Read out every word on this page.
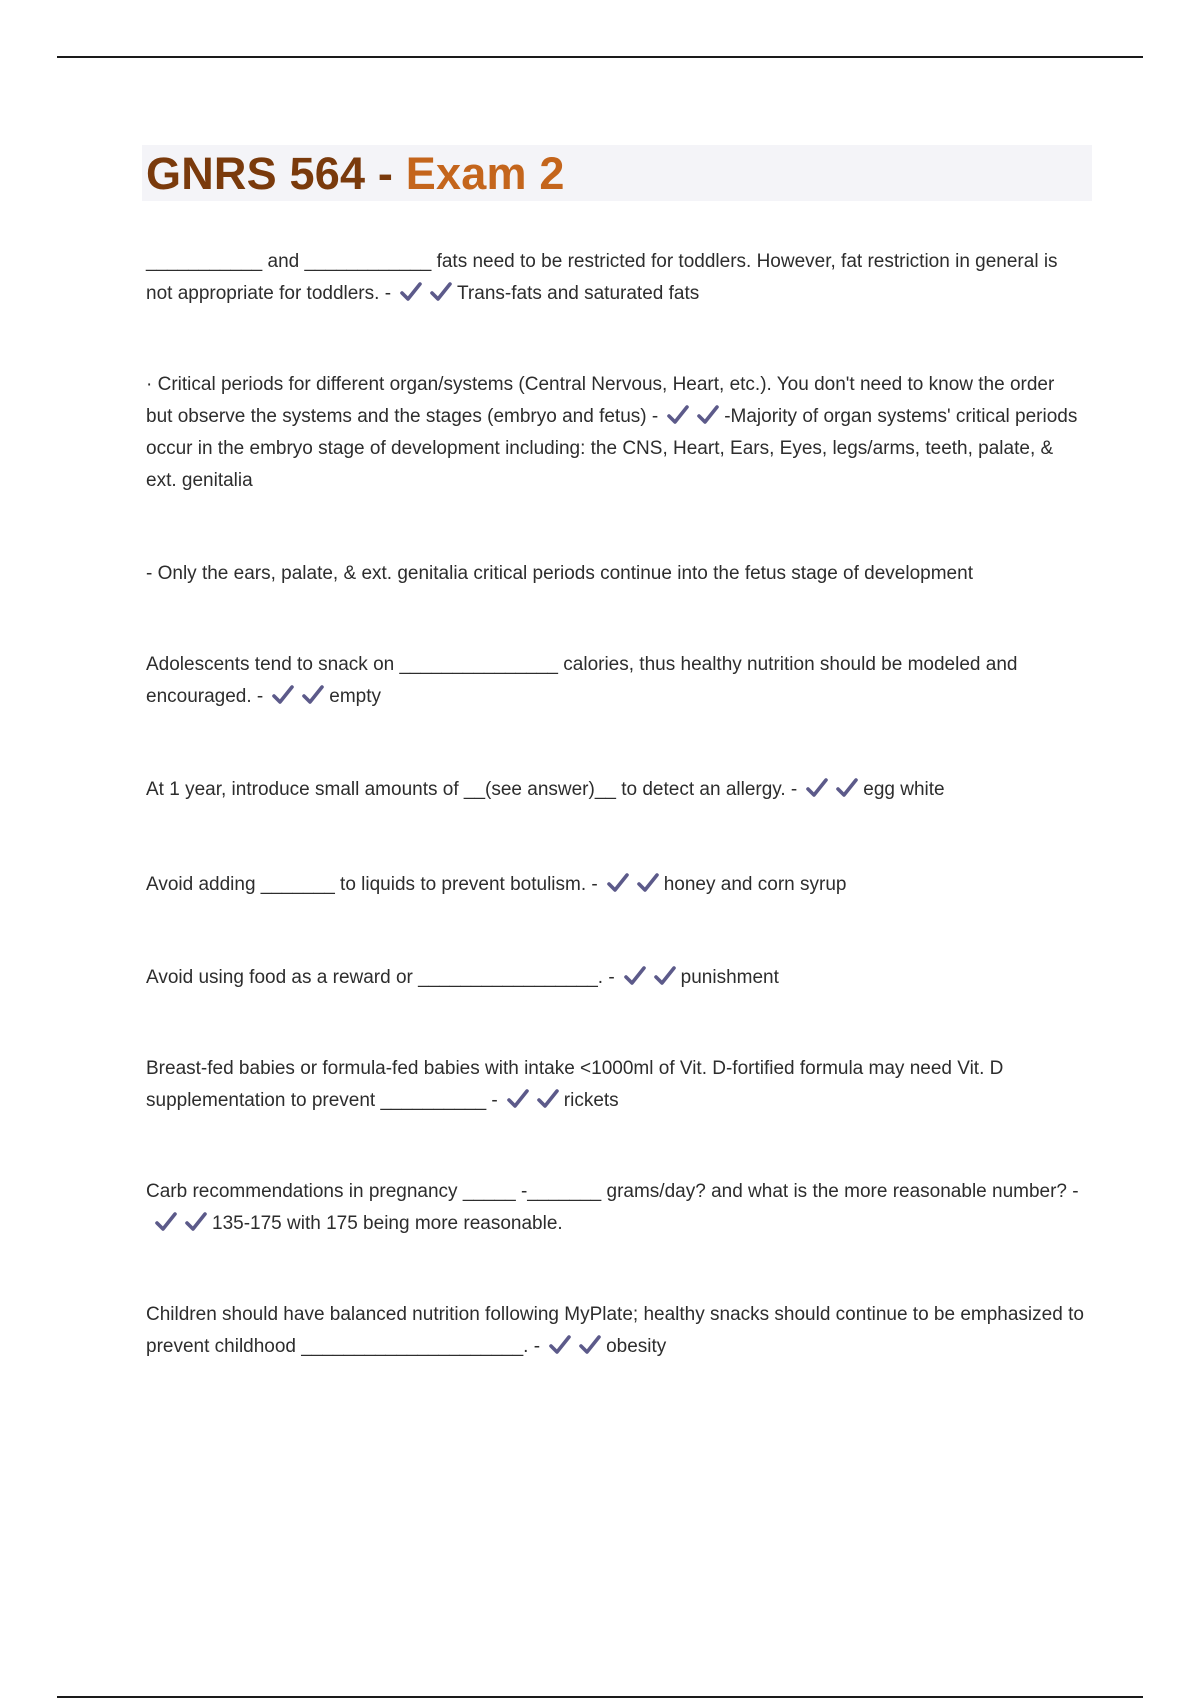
GNRS 564 - Exam 2

___________ and ____________ fats need to be restricted for toddlers. However, fat restriction in general is not appropriate for toddlers. -	Trans-fats and saturated fats

· Critical periods for different organ/systems (Central Nervous, Heart, etc.). You don't need to know the order but observe the systems and the stages (embryo and fetus) -	-Majority of organ systems' critical periods occur in the embryo stage of development including: the CNS, Heart, Ears, Eyes, legs/arms, teeth, palate, & ext. genitalia

- Only the ears, palate, & ext. genitalia critical periods continue into the fetus stage of development

Adolescents tend to snack on _______________ calories, thus healthy nutrition should be modeled and encouraged. -	empty

At 1 year, introduce small amounts of __(see answer)__ to detect an allergy. -	egg white

Avoid adding _______ to liquids to prevent botulism. -	honey and corn syrup

Avoid using food as a reward or _________________. -	punishment

Breast-fed babies or formula-fed babies with intake <1000ml of Vit. D-fortified formula may need Vit. D supplementation to prevent __________ -	rickets

Carb recommendations in pregnancy _____ -_______ grams/day? and what is the more reasonable number? -
135-175 with 175 being more reasonable.

Children should have balanced nutrition following MyPlate; healthy snacks should continue to be emphasized to prevent childhood _____________________. -	obesity
